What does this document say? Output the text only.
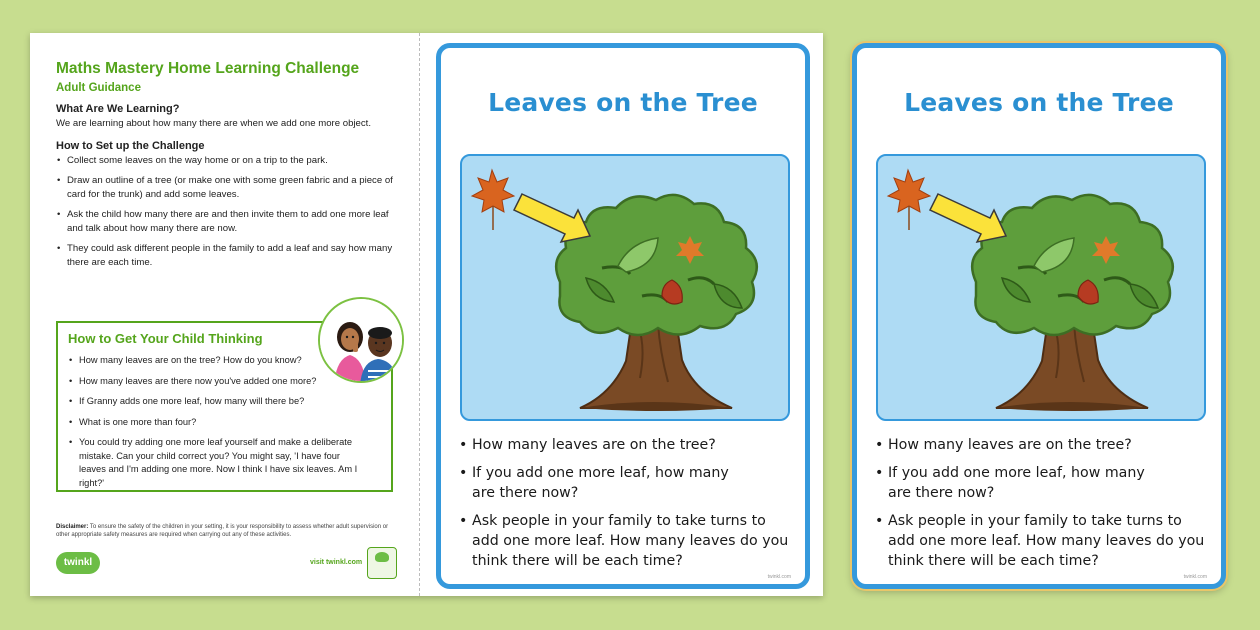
Maths Mastery Home Learning Challenge
Adult Guidance
What Are We Learning?
We are learning about how many there are when we add one more object.
How to Set up the Challenge
• Collect some leaves on the way home or on a trip to the park.
• Draw an outline of a tree (or make one with some green fabric and a piece of card for the trunk) and add some leaves.
• Ask the child how many there are and then invite them to add one more leaf and talk about how many there are now.
• They could ask different people in the family to add a leaf and say how many there are each time.
How to Get Your Child Thinking
• How many leaves are on the tree? How do you know?
• How many leaves are there now you've added one more?
• If Granny adds one more leaf, how many will there be?
• What is one more than four?
• You could try adding one more leaf yourself and make a deliberate mistake. Can your child correct you? You might say, 'I have four leaves and I'm adding one more. Now I think I have six leaves. Am I right?'
Disclaimer: To ensure the safety of the children in your setting, it is your responsibility to assess whether adult supervision or other appropriate safety measures are required when carrying out any of these activities.
twinkl	visit twinkl.com
Leaves on the Tree
• How many leaves are on the tree?
• If you add one more leaf, how many are there now?
• Ask people in your family to take turns to add one more leaf. How many leaves do you think there will be each time?
twinkl.com
Leaves on the Tree
• How many leaves are on the tree?
• If you add one more leaf, how many are there now?
• Ask people in your family to take turns to add one more leaf. How many leaves do you think there will be each time?
twinkl.com
